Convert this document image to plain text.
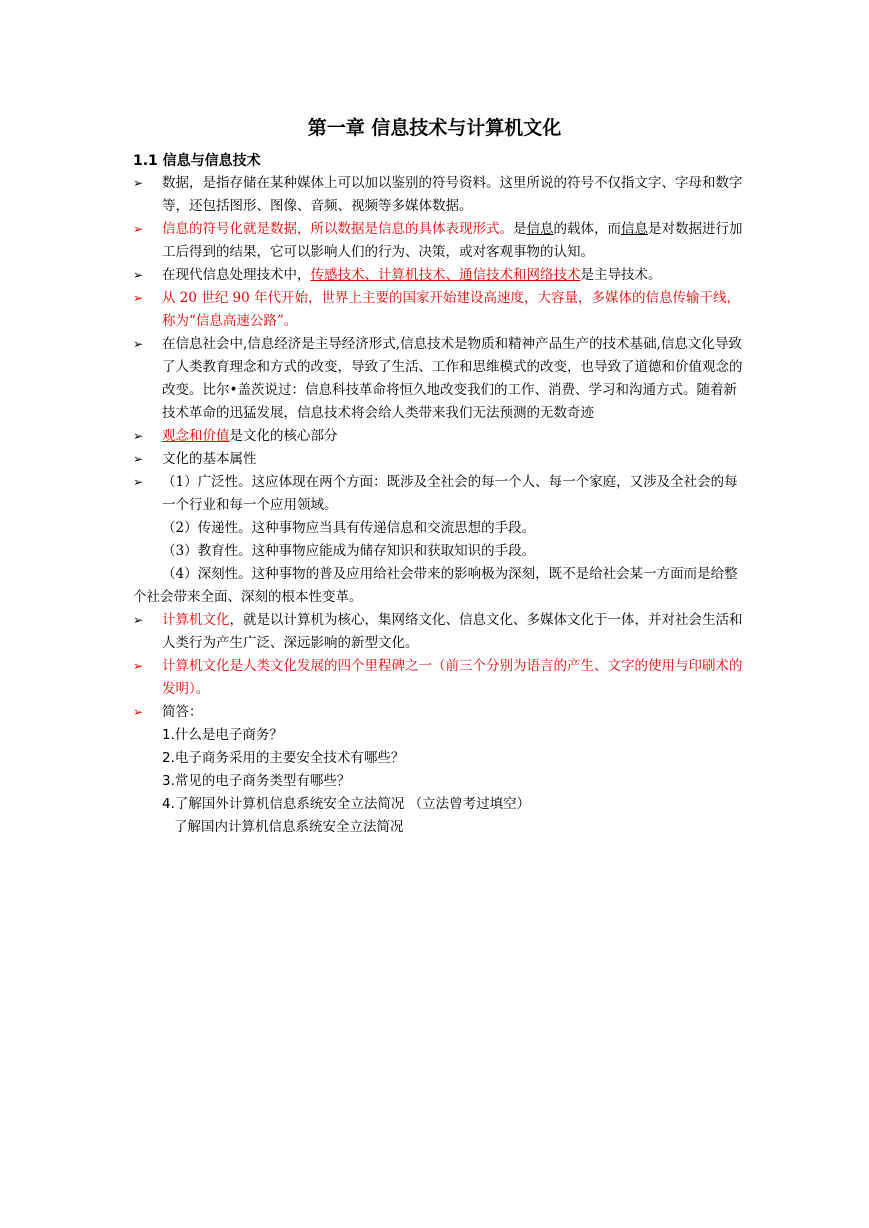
第一章 信息技术与计算机文化
1.1 信息与信息技术
➢	数据，是指存储在某种媒体上可以加以鉴别的符号资料。这里所说的符号不仅指文字、字母和数字等，还包括图形、图像、音频、视频等多媒体数据。
➢	信息的符号化就是数据，所以数据是信息的具体表现形式。是信息的载体，而信息是对数据进行加工后得到的结果，它可以影响人们的行为、决策，或对客观事物的认知。
➢	在现代信息处理技术中，传感技术、计算机技术、通信技术和网络技术是主导技术。
➢	从 20 世纪 90 年代开始，世界上主要的国家开始建设高速度，大容量，多媒体的信息传输干线，称为“信息高速公路”。
➢	在信息社会中,信息经济是主导经济形式,信息技术是物质和精神产品生产的技术基础,信息文化导致了人类教育理念和方式的改变，导致了生活、工作和思维模式的改变，也导致了道德和价值观念的改变。比尔•盖茨说过：信息科技革命将恒久地改变我们的工作、消费、学习和沟通方式。随着新技术革命的迅猛发展，信息技术将会给人类带来我们无法预测的无数奇迹
➢	观念和价值是文化的核心部分
➢	文化的基本属性
➢	（1）广泛性。这应体现在两个方面：既涉及全社会的每一个人、每一个家庭，又涉及全社会的每一个行业和每一个应用领域。
（2）传递性。这种事物应当具有传递信息和交流思想的手段。
（3）教育性。这种事物应能成为储存知识和获取知识的手段。
（4）深刻性。这种事物的普及应用给社会带来的影响极为深刻，既不是给社会某一方面而是给整个社会带来全面、深刻的根本性变革。
➢	计算机文化，就是以计算机为核心，集网络文化、信息文化、多媒体文化于一体，并对社会生活和人类行为产生广泛、深远影响的新型文化。
➢	计算机文化是人类文化发展的四个里程碑之一（前三个分别为语言的产生、文字的使用与印刷术的发明）。
➢	简答：
1.什么是电子商务？
2.电子商务采用的主要安全技术有哪些？
3.常见的电子商务类型有哪些？
4.了解国外计算机信息系统安全立法简况 （立法曾考过填空）
了解国内计算机信息系统安全立法简况
